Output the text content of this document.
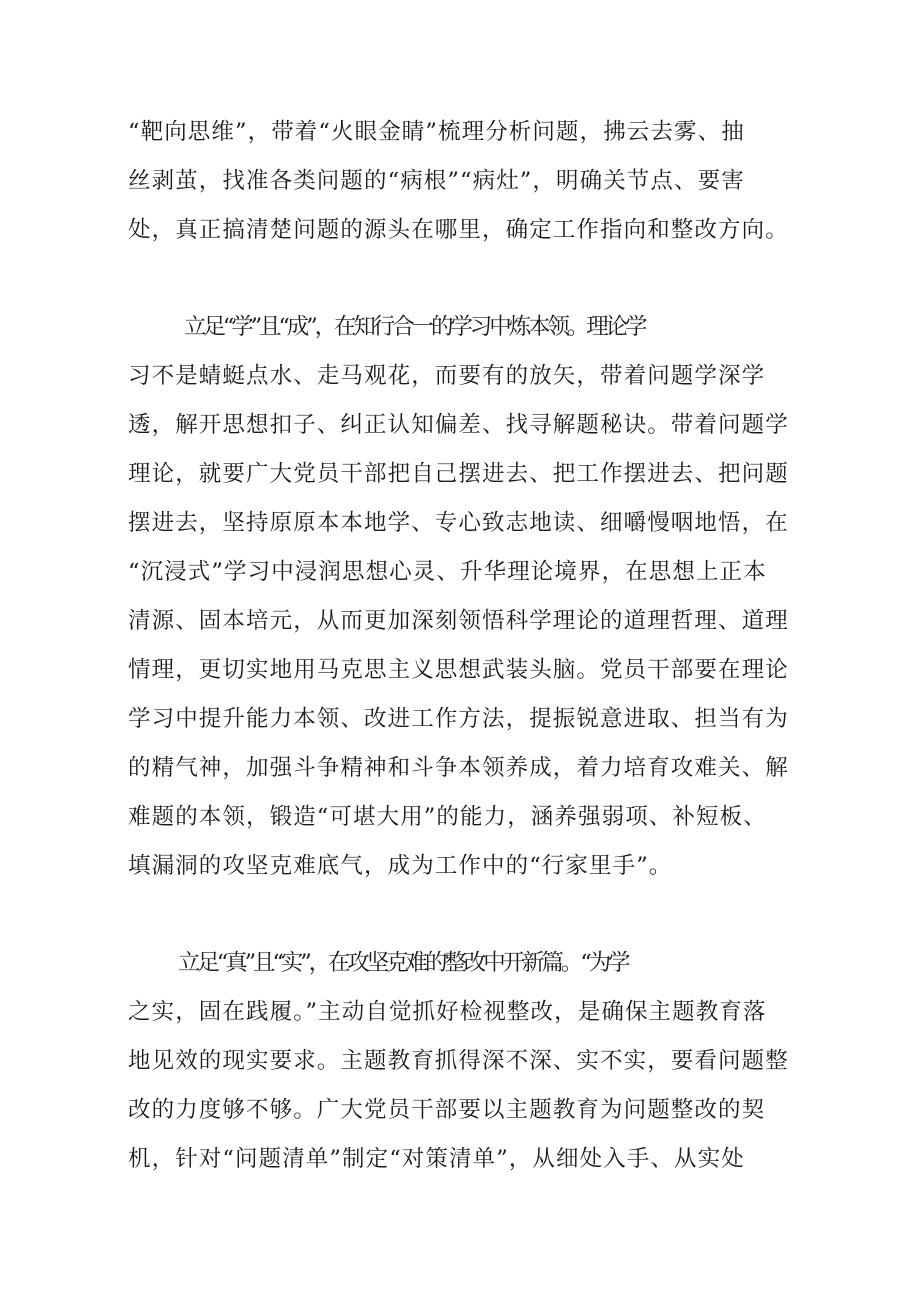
“靶向思维”，带着“火眼金睛”梳理分析问题，拂云去雾、抽

丝剥茧，找准各类问题的“病根”“病灶”，明确关节点、要害

处，真正搞清楚问题的源头在哪里，确定工作指向和整改方向。

立足“学”且“成”，在知行合一的学习中炼本领。理论学

习不是蜻蜓点水、走马观花，而要有的放矢，带着问题学深学

透，解开思想扣子、纠正认知偏差、找寻解题秘诀。带着问题学

理论，就要广大党员干部把自己摆进去、把工作摆进去、把问题

摆进去，坚持原原本本地学、专心致志地读、细嚼慢咽地悟，在

“沉浸式”学习中浸润思想心灵、升华理论境界，在思想上正本

清源、固本培元，从而更加深刻领悟科学理论的道理哲理、道理

情理，更切实地用马克思主义思想武装头脑。党员干部要在理论

学习中提升能力本领、改进工作方法，提振锐意进取、担当有为

的精气神，加强斗争精神和斗争本领养成，着力培育攻难关、解

难题的本领，锻造“可堪大用”的能力，涵养强弱项、补短板、

填漏洞的攻坚克难底气，成为工作中的“行家里手”。

立足“真”且“实”，在攻坚克难的整改中开新篇。“为学

之实，固在践履。”主动自觉抓好检视整改，是确保主题教育落

地见效的现实要求。主题教育抓得深不深、实不实，要看问题整

改的力度够不够。广大党员干部要以主题教育为问题整改的契

机，针对“问题清单”制定“对策清单”，从细处入手、从实处
